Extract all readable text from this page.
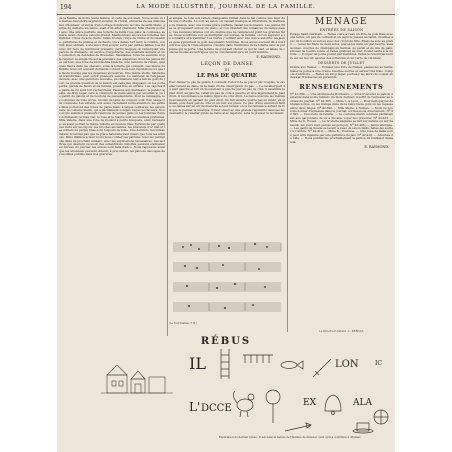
194	LA MODE ILLUSTRÉE, JOURNAL DE LA FAMILLE.
de la famille de notre jeune femme, et celle de son mari. Nous avons vu la mariée descendre le grand escalier de l'hôtel, entourée de ses demoiselles d'honneur, et suivie d'un cortège nombreux; la robe de satin blanc, garnie de dentelle ancienne, était d'un effet charmant. Mlle Claude portait avec une grâce parfaite une toilette de faille rose pâle; la comtesse, sa mère, avait choisi le velours grenat. Mentionnons encore les toilettes des invitées: robes de soie claire, tulles brodés, crêpe de Chine et mousseline, garnitures de plumes et de fleurs. On a dansé fort tard; le cotillon, conduit avec entrain, a été suivi d'un souper servi par petites tables. Les fiancés ont reçu de nombreux présents, parmi lesquels on remarquait une parure de diamants, un service d'argenterie, des éventails anciens et une collection de dentelles de Bruxelles. Mesdames, nous ne saurions trop le répéter: la simplicité est la première des élégances. Pour les jeunes filles surtout, une robe de mousseline blanche, une ceinture de ruban, quelques fleurs dans les cheveux, voilà la toilette qui convient. Les mères de famille nous ont souvent demandé conseil; nous leur répondrons ici que la mode n'exige pas les dépenses excessives. Une même étoffe, habilement transformée, peut servir plusieurs saisons. Le mantelet de l'an passé devient, avec une garniture nouvelle, un vêtement tout à fait au goût du jour. La grande question de la saison est celle des chapeaux: on les porte petits, garnis de fleurs et de rubans, posés très en arrière. Les capotes de paille de riz sont fort recherchées. Passons aux manteaux: le paletot ajusté, de drap léger, sera le vêtement de demi-saison par excellence; on le garnit de galons et de boutons de passementerie. Pour la campagne, les costumes de toile écrue, brodés de laine de couleur, sont d'un usage très commode. Les enfants, eux aussi, réclament notre attention: les petites filles porteront des robes de piqué blanc à larges ceintures; les garçonnets, le costume marin, qui a décidément conquis toutes les faveurs. Nous avons assisté à plusieurs réunions de jeunes gens où les toilettes claires dominaient; le bleu ciel, le rose et le mauve sont les nuances préférées. Mlle Valérie, dans une robe de foulard à petits bouquets, était ravissante; sa sœur portait la même toilette en nuance lilas. Terminons par quelques mots sur les bijoux: les broches anciennes, les bracelets d'or mat et les colliers de perles fines sont toujours de mise. Une dernière recommandation: n'oubliez pas que la grâce naturelle vaut mieux que tous les artifices. Mme Wallace a bien voulu nous confier ses patrons; nous les publierons dans un prochain numéro, avec les explications nécessaires. Les lectrices qui désirent recevoir des échantillons d'étoffes peuvent s'adresser au bureau du journal; les envois sont faits franco. Nous rappelons aussi que les abonnées peuvent obtenir, à prix réduit, les patrons découpés des modèles publiés dans nos gravures.
et simple, la robe aux reflets changeants brillait dans le bal comme une fleur dans une corbeille. Le soir, au salon, on causait musique et littérature; la maîtresse de maison, avec une bonne grâce parfaite, faisait les honneurs. Les jeunes filles se groupaient autour du piano, et l'on chantait des romances du temps passé. Ces réunions intimes ont un charme que ne remplacent point les grandes fêtes. Nous voudrions voir se multiplier ces soirées de famille, où l'on apprend à se connaître et à s'estimer. Les mères y veillent avec une douce autorité; les jeunes gens y prennent le goût des plaisirs honnêtes. Nous avons souvent dit à nos lectrices que la vraie élégance consiste dans l'harmonie de la toilette avec la personne qui la porte. Une femme de goût sait choisir ce qui lui sied, et laisse de côté les modes excentriques qui ne conviennent qu'à un petit nombre.
E. RAYMOND.
LEÇON DE DANSE
III
LE PAS DE QUATRE
Pour danser le pas de quatre il convient d'abord de se placer par couples, le cavalier tenant sa dame de la main droite. Description du pas. — Le cavalier part du pied gauche et fait un mouvement à gauche par un pas de côté; il assemble le pied droit au gauche, refait un pas de côté à gauche et lève légèrement le pied droit. Il recommence la même figure du côté droit. La dame exécute les mêmes mouvements en partant du pied droit. On fait ensuite quatre pas en avant, en glissant, puis deux pas de côté et un tour sur place. Ce pas, d'une exécution facile, se danse sur un air de mazurka à deux temps; on le recommence autant de fois que le permet la musique. Il faut observer une grande régularité dans les mouvements; le cavalier guide sa dame avec légèreté, sans la presser ni la retenir.
(Le Noël Dantan. F. H.)
MÉNAGE
ENTRÉES DE SAISON
Potage Saint-Germain. — Faites cuire à l'eau un litre de pois frais avec une laitue, un peu de cerfeuil et un oignon; passez au tamis, mouillez avec du bouillon et servez avec des croûtons frits. Filets de sole au gratin. — Levez les filets de deux soles, placez-les dans un plat beurré, assaisonnez, couvrez de champignons hachés, de persil et de mie de pain; arrosez de beurre fondu et faites gratiner au four. Poulet sauté à la minute. — Coupez un jeune poulet par membres, faites-le revenir au beurre sur un feu vif; ajoutez des échalotes et un verre de vin blanc.
DESSERTS DE JUILLET
Crème aux fraises. — Écrasez une livre de fraises, passez-les au tamis; mêlez la purée à une crème fouettée sucrée et servez très frais. Compote d'abricots. — Faites un sirop léger, pochez-y les abricots coupés en deux et dressez-les en pyramide.
RENSEIGNEMENTS
Nº 42.384. — Une abonnée de Bordeaux. — Vous trouverez le patron demandé dans notre numéro du mois dernier; il suffit de l'adresser au bureau du journal. Nº 42.385. — Mme L. à Lyon. — Pour nettoyer les dentelles noires, on les trempe dans de la bière tiède, puis on les repasse entre deux linges. Nº 42.390. — Mlle Marie, à Nantes. — Nous ne pouvons donner d'adresses dans le journal; écrivez-nous directement. Nº 42.395. — Une mère de famille. — Le costume marin convient parfaitement aux garçonnets de six à dix ans; voyez nos gravures. Nº 42.401. — Mme de V., Rouen. — La broderie anglaise se fait sur batiste ou sur nansouk; les jours sont percés au poinçon. Nº 42.406. — Jeune abonnée. — Les gants de Suède se lavent à l'eau de savon tiède; faites-les sécher à l'ombre. Nº 42.410. — Mme B., Toulouse. — Une robe de faille noire peut être rajeunie par une garniture de jais. Nº 42.418. — Abonnée de Lille. — Nous publierons prochainement le patron du mantelet demandé.
E. RAYMOND.
Le Directeur-Gérant : L. BERNAY.
RÉBUS
IL
L' DCCE
LON
EX	ALA
IC
Explication du dernier rébus : Il est dans la nature de l'homme de détester ceux qu'il a contribué à offenser.
